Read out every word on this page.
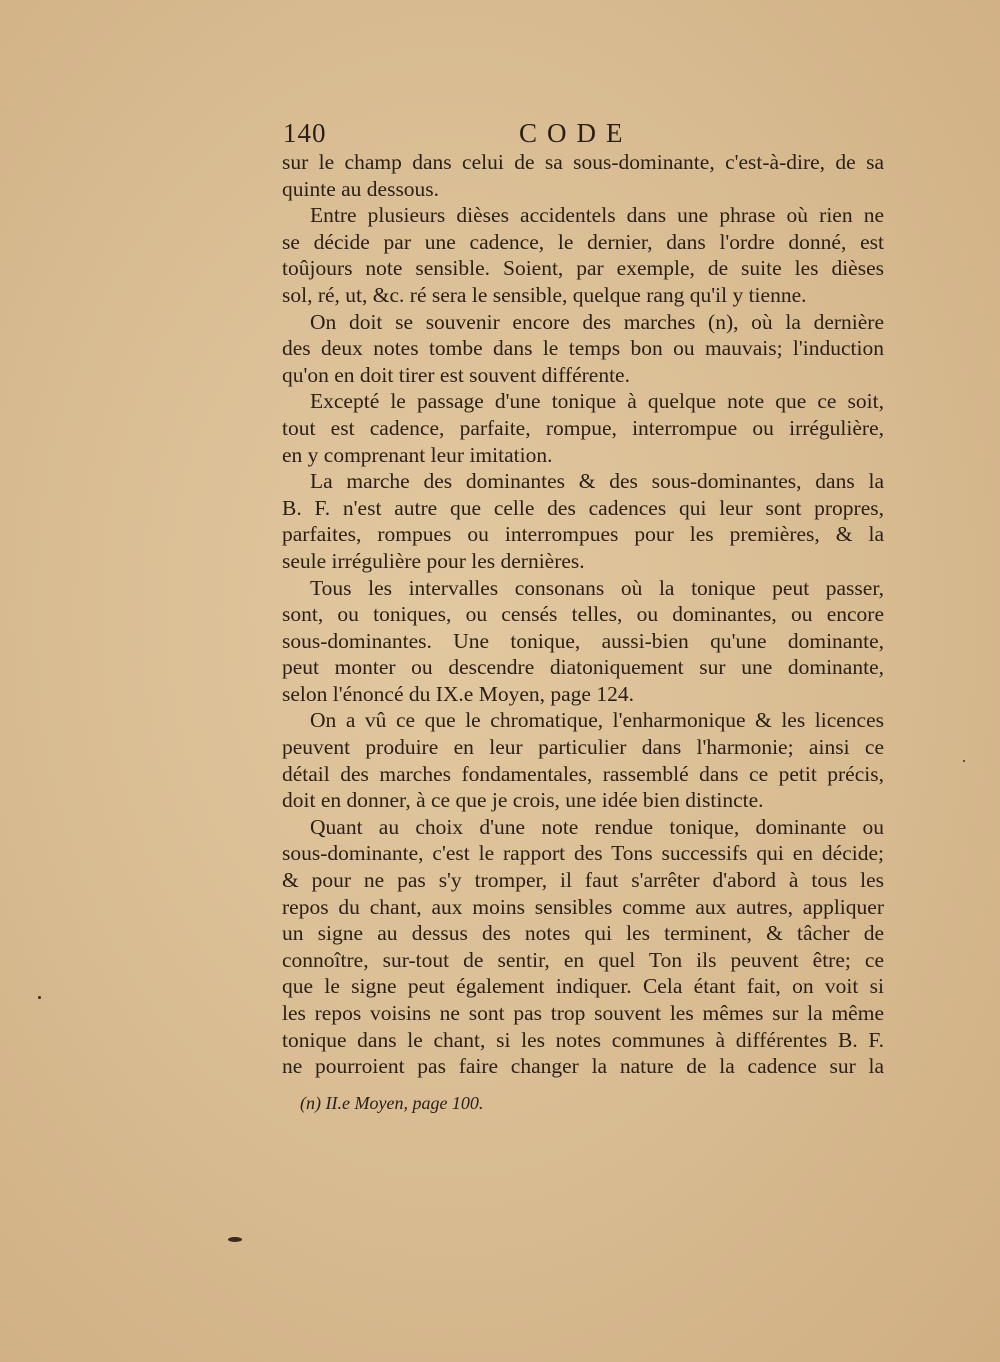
140	CODE
sur le champ dans celui de sa sous-dominante, c'est-à-dire, de sa
quinte au dessous.
Entre plusieurs dièses accidentels dans une phrase où rien ne
se décide par une cadence, le dernier, dans l'ordre donné, est
toûjours note sensible. Soient, par exemple, de suite les dièses
sol, ré, ut, &c. ré sera le sensible, quelque rang qu'il y tienne.
On doit se souvenir encore des marches (n), où la dernière
des deux notes tombe dans le temps bon ou mauvais; l'induction
qu'on en doit tirer est souvent différente.
Excepté le passage d'une tonique à quelque note que ce soit,
tout est cadence, parfaite, rompue, interrompue ou irrégulière,
en y comprenant leur imitation.
La marche des dominantes & des sous-dominantes, dans la
B. F. n'est autre que celle des cadences qui leur sont propres,
parfaites, rompues ou interrompues pour les premières, & la
seule irrégulière pour les dernières.
Tous les intervalles consonans où la tonique peut passer,
sont, ou toniques, ou censés telles, ou dominantes, ou encore
sous-dominantes. Une tonique, aussi-bien qu'une dominante,
peut monter ou descendre diatoniquement sur une dominante,
selon l'énoncé du IX.e Moyen, page 124.
On a vû ce que le chromatique, l'enharmonique & les licences
peuvent produire en leur particulier dans l'harmonie; ainsi ce
détail des marches fondamentales, rassemblé dans ce petit précis,
doit en donner, à ce que je crois, une idée bien distincte.
Quant au choix d'une note rendue tonique, dominante ou
sous-dominante, c'est le rapport des Tons successifs qui en décide;
& pour ne pas s'y tromper, il faut s'arrêter d'abord à tous les
repos du chant, aux moins sensibles comme aux autres, appliquer
un signe au dessus des notes qui les terminent, & tâcher de
connoître, sur-tout de sentir, en quel Ton ils peuvent être; ce
que le signe peut également indiquer. Cela étant fait, on voit si
les repos voisins ne sont pas trop souvent les mêmes sur la même
tonique dans le chant, si les notes communes à différentes B. F.
ne pourroient pas faire changer la nature de la cadence sur la
(n) II.e Moyen, page 100.
